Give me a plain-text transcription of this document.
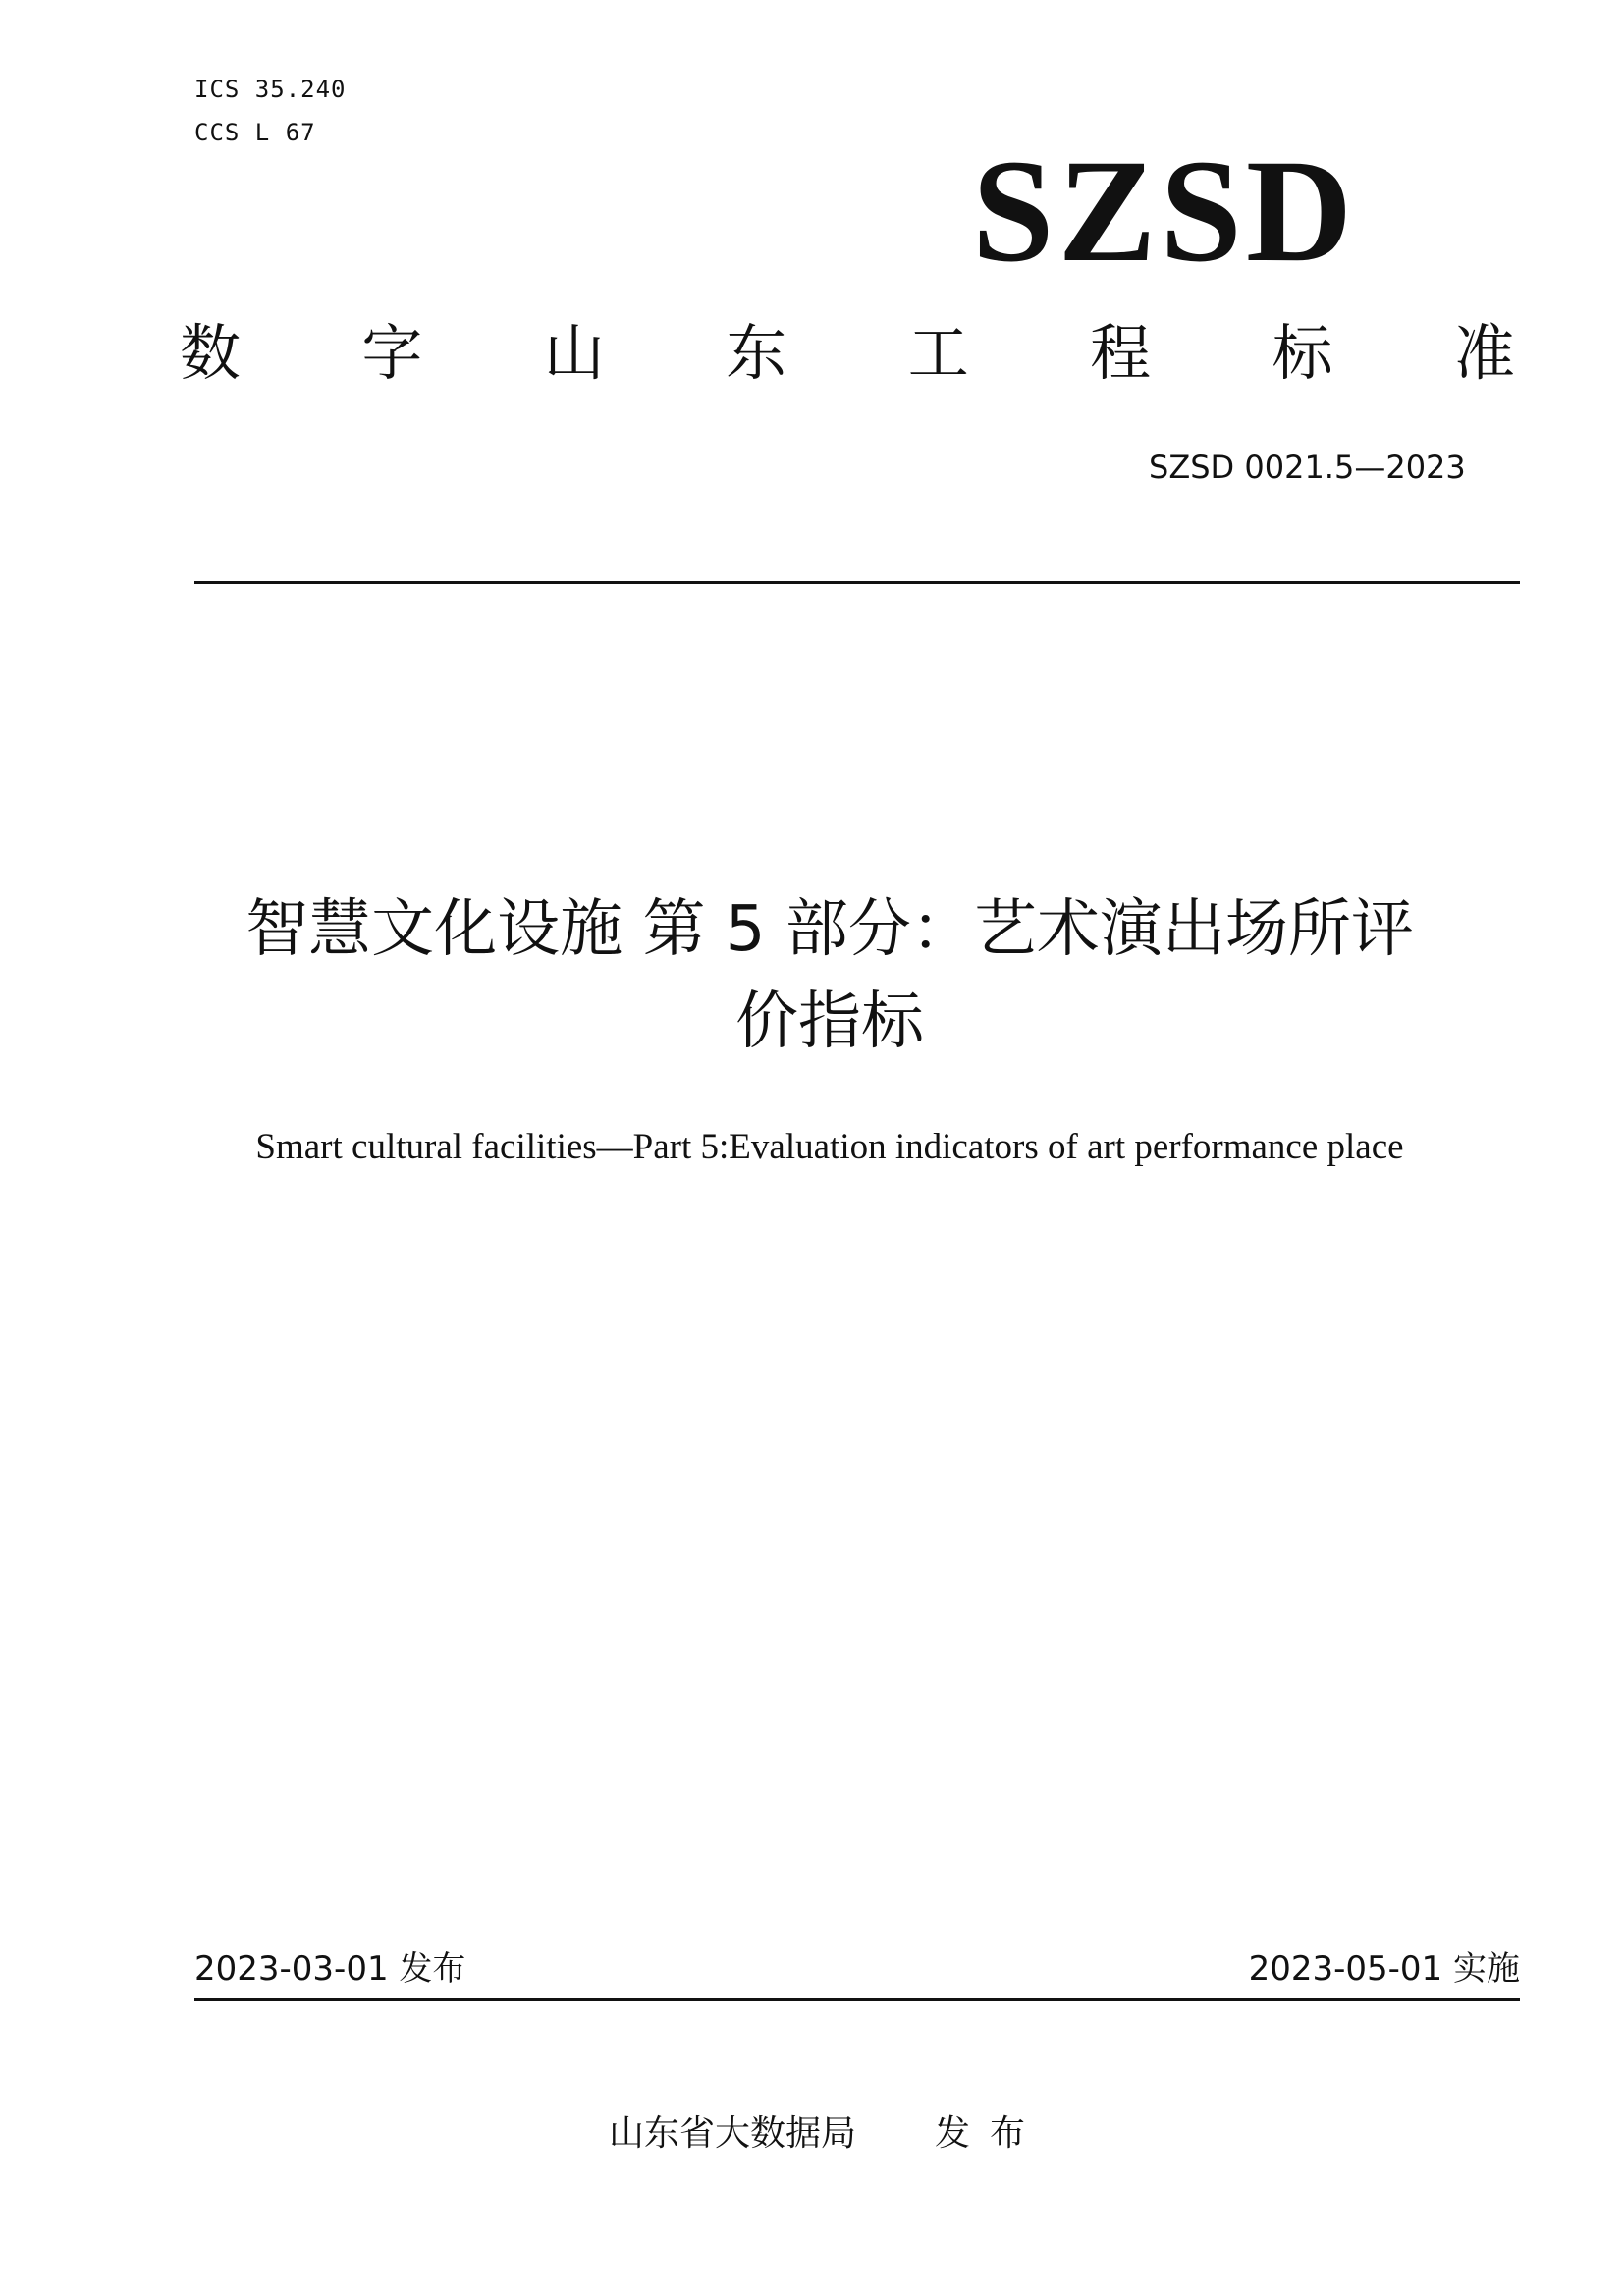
ICS 35.240
CCS L 67	SZSD
数 字 山 东 工 程 标 准
SZSD 0021.5—2023
智慧文化设施 第 5 部分：艺术演出场所评
价指标
Smart cultural facilities—Part 5:Evaluation indicators of art performance place
2023-03-01 发布	2023-05-01 实施
山东省大数据局 发布
